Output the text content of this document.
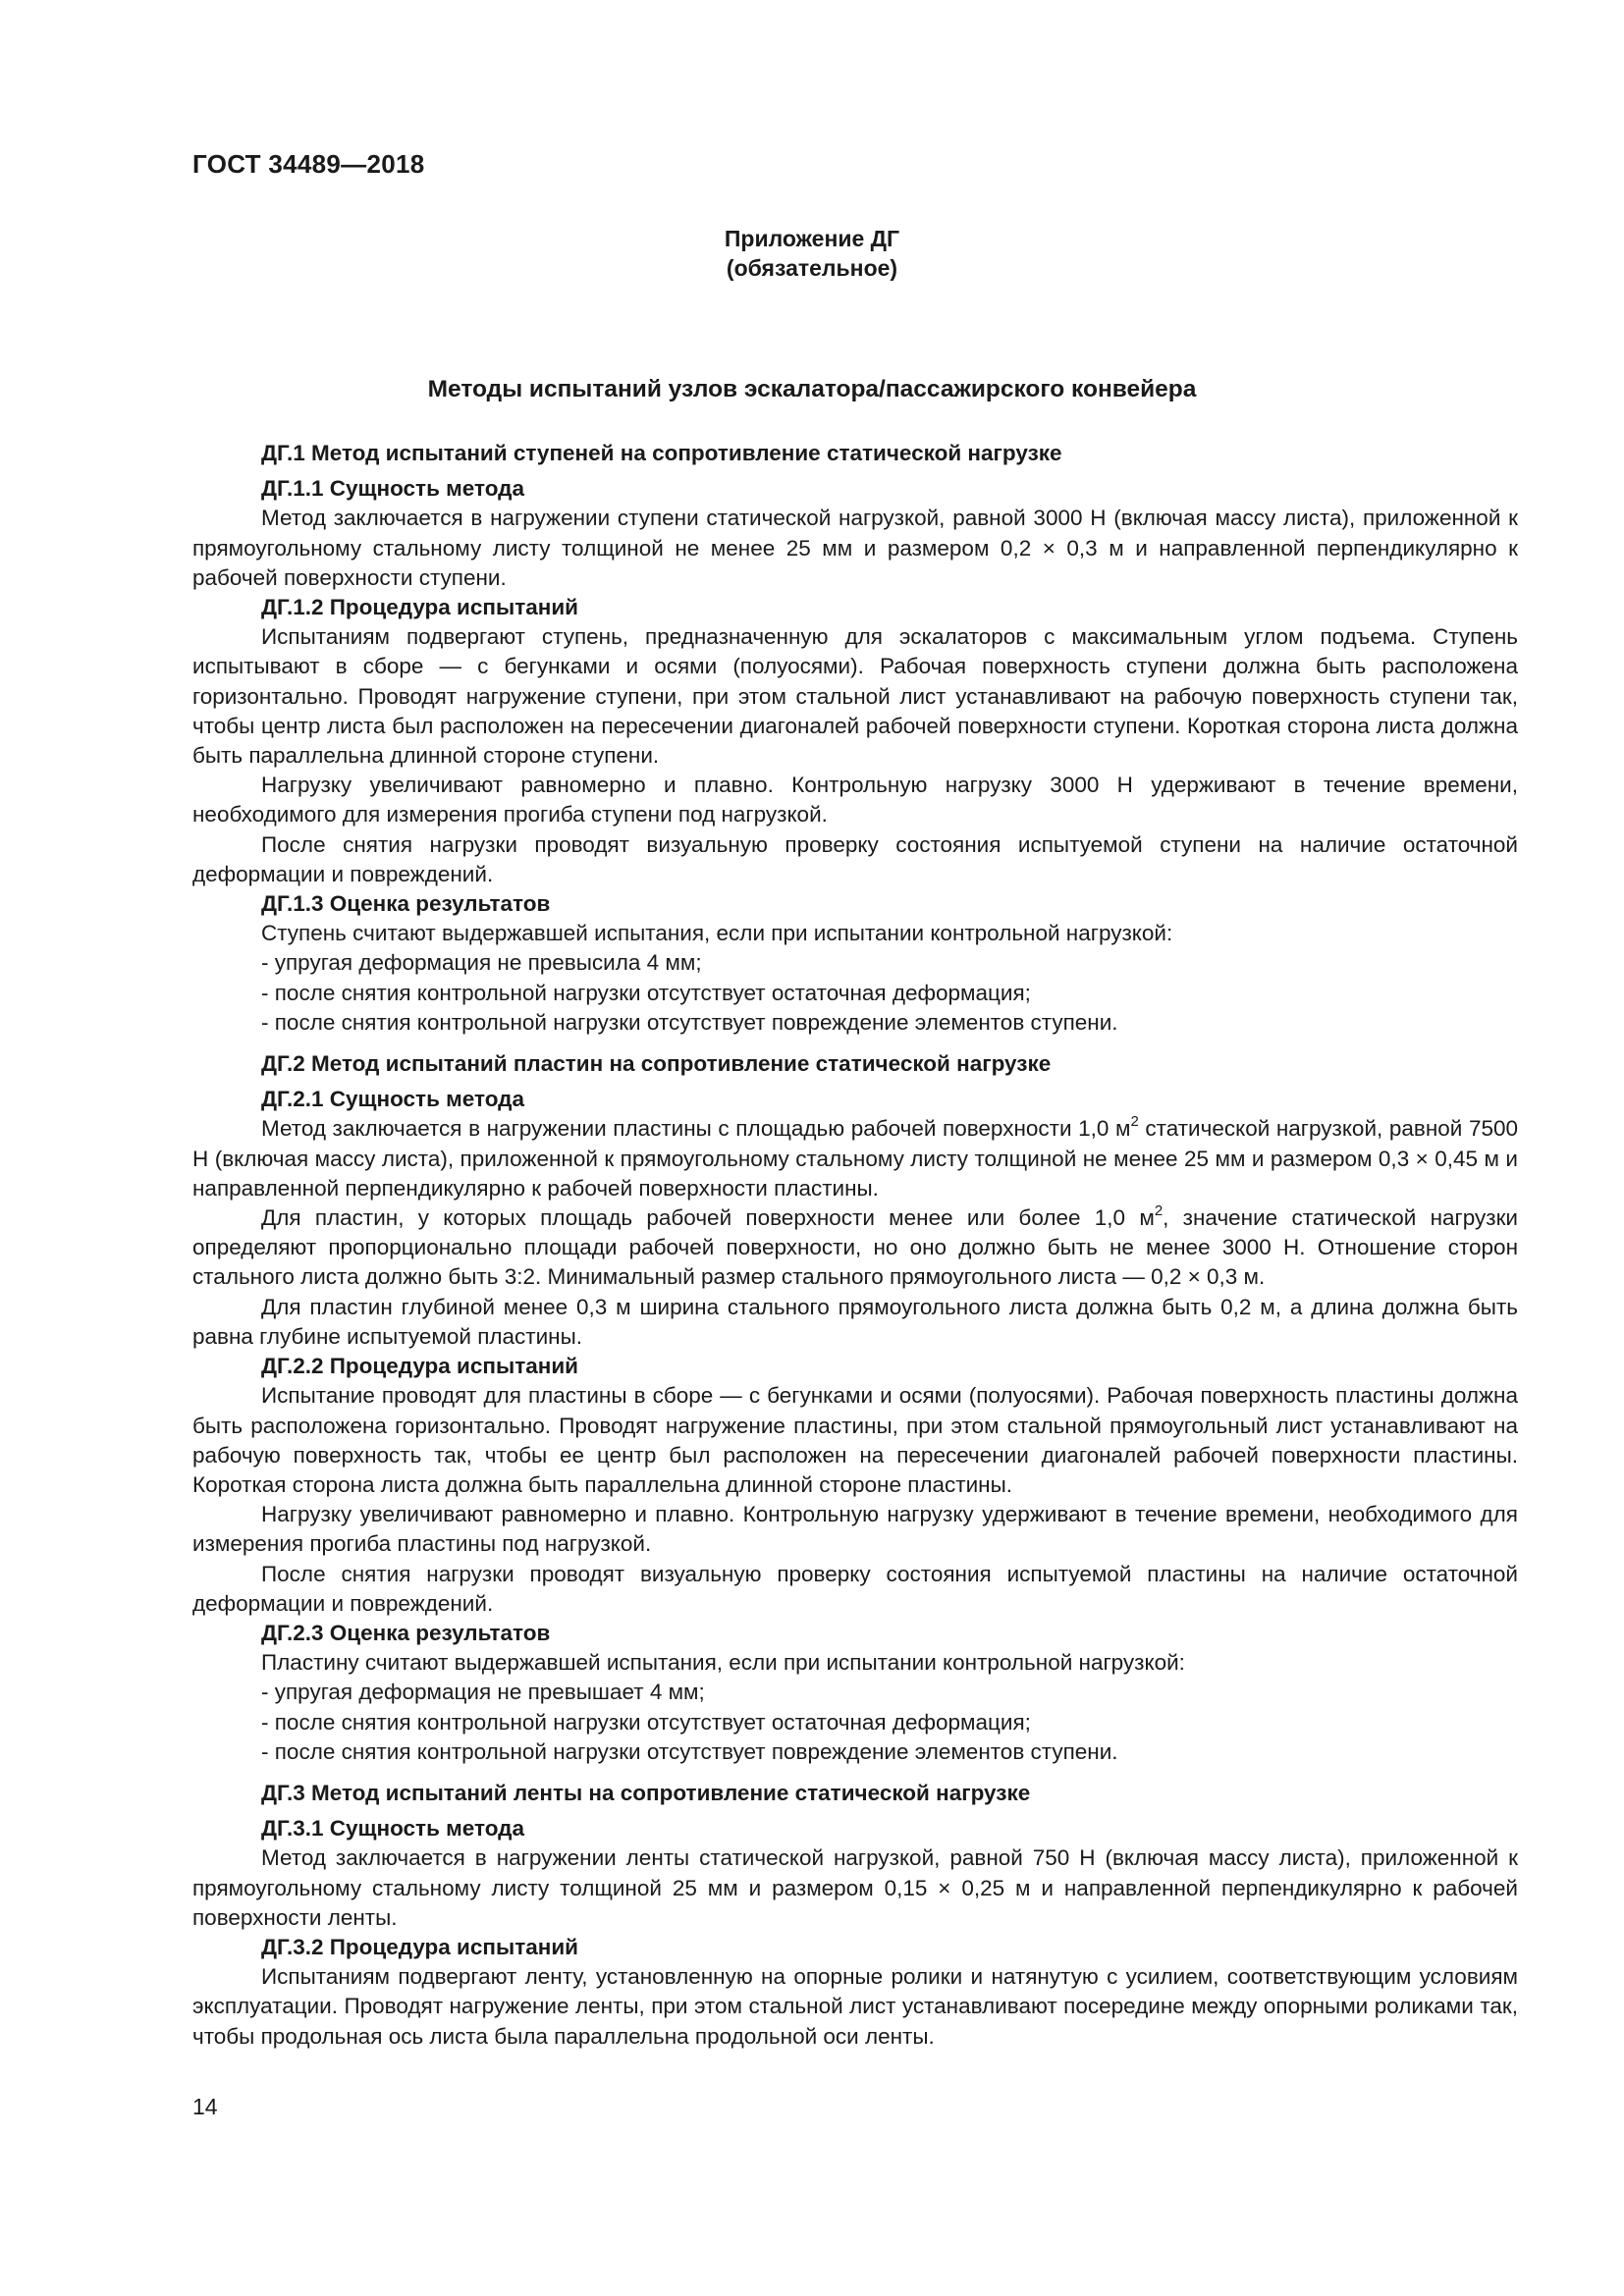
ГОСТ 34489—2018
Приложение ДГ
(обязательное)
Методы испытаний узлов эскалатора/пассажирского конвейера
ДГ.1 Метод испытаний ступеней на сопротивление статической нагрузке
ДГ.1.1 Сущность метода

Метод заключается в нагружении ступени статической нагрузкой, равной 3000 Н (включая массу листа), приложенной к прямоугольному стальному листу толщиной не менее 25 мм и размером 0,2 × 0,3 м и направленной перпендикулярно к рабочей поверхности ступени.

ДГ.1.2 Процедура испытаний

Испытаниям подвергают ступень, предназначенную для эскалаторов с максимальным углом подъема. Ступень испытывают в сборе — с бегунками и осями (полуосями). Рабочая поверхность ступени должна быть расположена горизонтально. Проводят нагружение ступени, при этом стальной лист устанавливают на рабочую поверхность ступени так, чтобы центр листа был расположен на пересечении диагоналей рабочей поверхности ступени. Короткая сторона листа должна быть параллельна длинной стороне ступени.

Нагрузку увеличивают равномерно и плавно. Контрольную нагрузку 3000 Н удерживают в течение времени, необходимого для измерения прогиба ступени под нагрузкой.

После снятия нагрузки проводят визуальную проверку состояния испытуемой ступени на наличие остаточной деформации и повреждений.

ДГ.1.3 Оценка результатов

Ступень считают выдержавшей испытания, если при испытании контрольной нагрузкой:

- упругая деформация не превысила 4 мм;
- после снятия контрольной нагрузки отсутствует остаточная деформация;
- после снятия контрольной нагрузки отсутствует повреждение элементов ступени.
ДГ.2 Метод испытаний пластин на сопротивление статической нагрузке
ДГ.2.1 Сущность метода

Метод заключается в нагружении пластины с площадью рабочей поверхности 1,0 $м^2$ статической нагрузкой, равной 7500 Н (включая массу листа), приложенной к прямоугольному стальному листу толщиной не менее 25 мм и размером 0,3 × 0,45 м и направленной перпендикулярно к рабочей поверхности пластины.

Для пластин, у которых площадь рабочей поверхности менее или более 1,0 $м^2$, значение статической нагрузки определяют пропорционально площади рабочей поверхности, но оно должно быть не менее 3000 Н. Отношение сторон стального листа должно быть 3:2. Минимальный размер стального прямоугольного листа — 0,2 × 0,3 м.

Для пластин глубиной менее 0,3 м ширина стального прямоугольного листа должна быть 0,2 м, а длина должна быть равна глубине испытуемой пластины.

ДГ.2.2 Процедура испытаний

Испытание проводят для пластины в сборе — с бегунками и осями (полуосями). Рабочая поверхность пластины должна быть расположена горизонтально. Проводят нагружение пластины, при этом стальной прямоугольный лист устанавливают на рабочую поверхность так, чтобы ее центр был расположен на пересечении диагоналей рабочей поверхности пластины. Короткая сторона листа должна быть параллельна длинной стороне пластины.

Нагрузку увеличивают равномерно и плавно. Контрольную нагрузку удерживают в течение времени, необходимого для измерения прогиба пластины под нагрузкой.

После снятия нагрузки проводят визуальную проверку состояния испытуемой пластины на наличие остаточной деформации и повреждений.

ДГ.2.3 Оценка результатов

Пластину считают выдержавшей испытания, если при испытании контрольной нагрузкой:

- упругая деформация не превышает 4 мм;
- после снятия контрольной нагрузки отсутствует остаточная деформация;
- после снятия контрольной нагрузки отсутствует повреждение элементов ступени.
ДГ.3 Метод испытаний ленты на сопротивление статической нагрузке
ДГ.3.1 Сущность метода

Метод заключается в нагружении ленты статической нагрузкой, равной 750 Н (включая массу листа), приложенной к прямоугольному стальному листу толщиной 25 мм и размером 0,15 × 0,25 м и направленной перпендикулярно к рабочей поверхности ленты.

ДГ.3.2 Процедура испытаний

Испытаниям подвергают ленту, установленную на опорные ролики и натянутую с усилием, соответствующим условиям эксплуатации. Проводят нагружение ленты, при этом стальной лист устанавливают посередине между опорными роликами так, чтобы продольная ось листа была параллельна продольной оси ленты.

14
